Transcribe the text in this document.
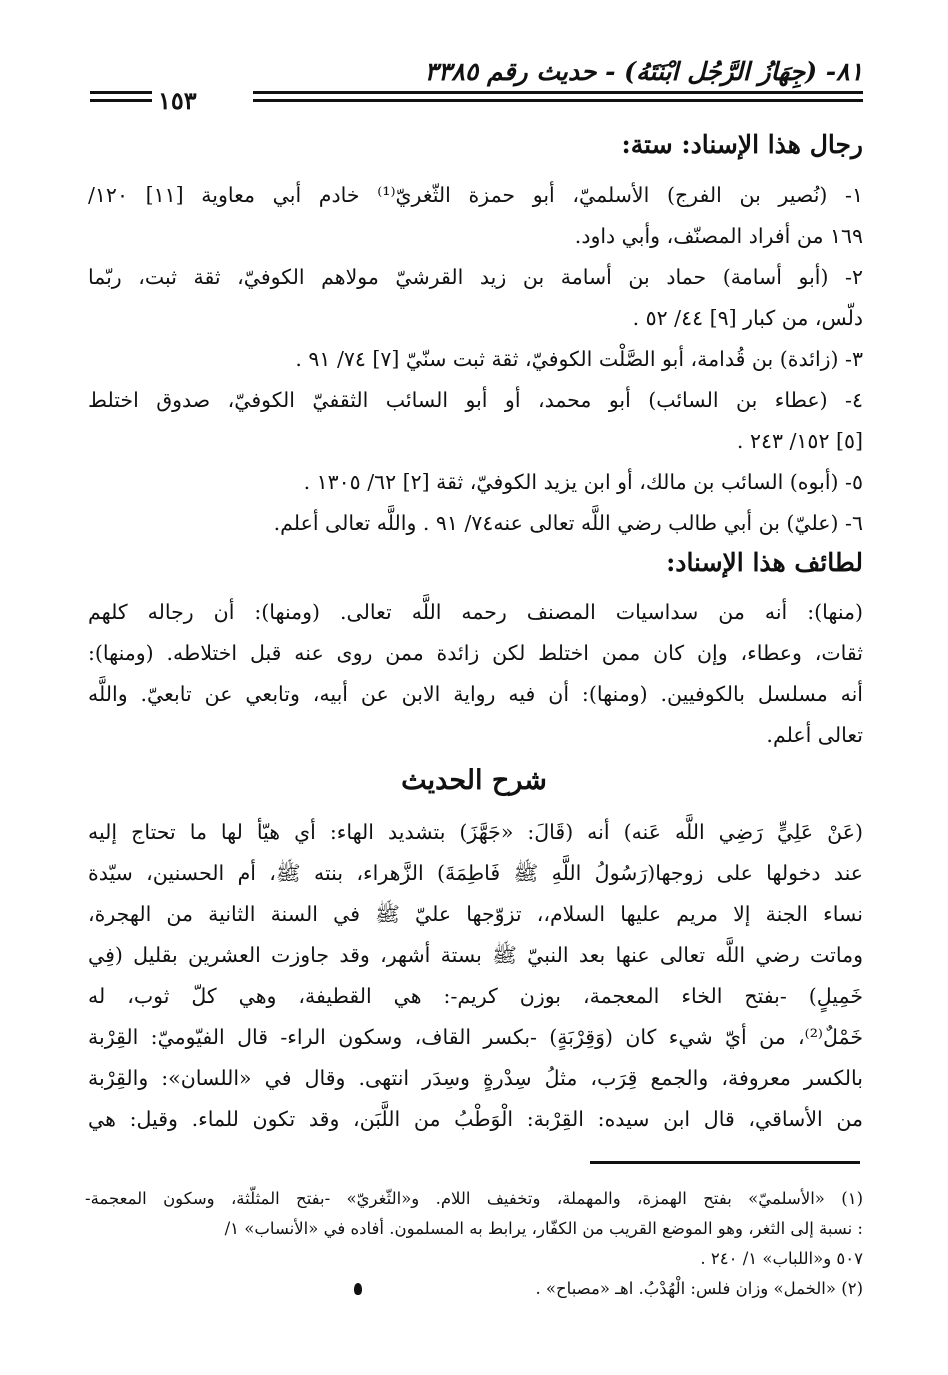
٨١- (جِهَازُ الرَّجُل ابْنَتَهُ) - حديث رقم ٣٣٨٥
١٥٣
رجال هذا الإسناد: ستة:
١- (نُصير بن الفرج) الأسلميّ، أبو حمزة الثّغريّ⁽¹⁾ خادم أبي معاوية [١١] ١٢٠/
١٦٩ من أفراد المصنّف، وأبي داود.
٢- (أبو أسامة) حماد بن أسامة بن زيد القرشيّ مولاهم الكوفيّ، ثقة ثبت، ربّما
دلّس، من كبار [٩] ٤٤/ ٥٢ .
٣- (زائدة) بن قُدامة، أبو الصَّلْت الكوفيّ، ثقة ثبت سنّيّ [٧] ٧٤/ ٩١ .
٤- (عطاء بن السائب) أبو محمد، أو أبو السائب الثقفيّ الكوفيّ، صدوق اختلط
[٥] ١٥٢/ ٢٤٣ .
٥- (أبوه) السائب بن مالك، أو ابن يزيد الكوفيّ، ثقة [٢] ٦٢/ ١٣٠٥ .
٦- (عليّ) بن أبي طالب رضي اللَّه تعالى عنه٧٤/ ٩١ . واللَّه تعالى أعلم.
لطائف هذا الإسناد:
(منها): أنه من سداسيات المصنف رحمه اللَّه تعالى. (ومنها): أن رجاله كلهم
ثقات، وعطاء، وإن كان ممن اختلط لكن زائدة ممن روى عنه قبل اختلاطه. (ومنها):
أنه مسلسل بالكوفيين. (ومنها): أن فيه رواية الابن عن أبيه، وتابعي عن تابعيّ. واللَّه
تعالى أعلم.
شرح الحديث
(عَنْ عَلِيٍّ رَضِي اللَّه عَنه) أنه (قَالَ: «جَهَّزَ) بتشديد الهاء: أي هيّأ لها ما تحتاج إليه
عند دخولها على زوجها(رَسُولُ اللَّهِ ﷺ فَاطِمَةَ) الزَّهراء، بنته ﷺ، أم الحسنين، سيّدة
نساء الجنة إلا مريم عليها السلام،، تزوّجها عليّ ﷺ في السنة الثانية من الهجرة،
وماتت رضي اللَّه تعالى عنها بعد النبيّ ﷺ بستة أشهر، وقد جاوزت العشرين بقليل (فِي
خَمِيلٍ) -بفتح الخاء المعجمة، بوزن كريم-: هي القطيفة، وهي كلّ ثوب، له
خَمْلٌ⁽²⁾، من أيّ شيء كان (وَقِرْبَةٍ) -بكسر القاف، وسكون الراء- قال الفيّوميّ: القِرْبة
بالكسر معروفة، والجمع قِرَب، مثلُ سِدْرةٍ وسِدَر انتهى. وقال في «اللسان»: والقِرْبة
من الأساقي، قال ابن سيده: القِرْبة: الْوَطْبُ من اللَّبَن، وقد تكون للماء. وقيل: هي
(١) «الأسلميّ» بفتح الهمزة، والمهملة، وتخفيف اللام. و«الثّغريّ» -بفتح المثلّثة، وسكون المعجمة-
: نسبة إلى الثغر، وهو الموضع القريب من الكفّار، يرابط به المسلمون. أفاده في «الأنساب» ١/
٥٠٧ و«اللباب» ١/ ٢٤٠ .
(٢) «الخمل» وزان فلس: الْهُدْبُ. اهـ «مصباح» .
